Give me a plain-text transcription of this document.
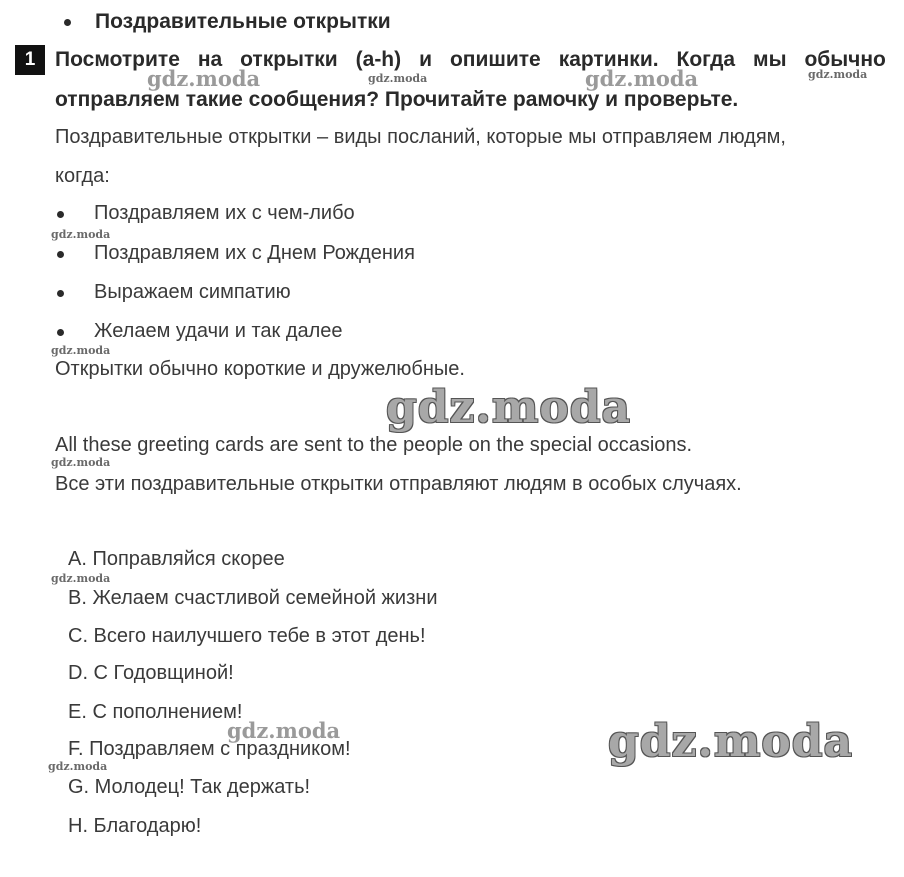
Поздравительные открытки
1 Посмотрите на открытки (a-h) и опишите картинки. Когда мы обычно
отправляем такие сообщения? Прочитайте рамочку и проверьте.
Поздравительные открытки – виды посланий, которые мы отправляем людям,
когда:
Поздравляем их с чем-либо
Поздравляем их с Днем Рождения
Выражаем симпатию
Желаем удачи и так далее
Открытки обычно короткие и дружелюбные.
All these greeting cards are sent to the people on the special occasions.
Все эти поздравительные открытки отправляют людям в особых случаях.
A. Поправляйся скорее
B. Желаем счастливой семейной жизни
C. Всего наилучшего тебе в этот день!
D. С Годовщиной!
E. С пополнением!
F. Поздравляем с праздником!
G. Молодец! Так держать!
H. Благодарю!
gdz.moda	gdz.moda	gdz.moda	gdz.moda
gdz.moda
gdz.moda
gdz.moda
gdz.moda
gdz.moda
gdz.moda	gdz.moda
gdz.moda
